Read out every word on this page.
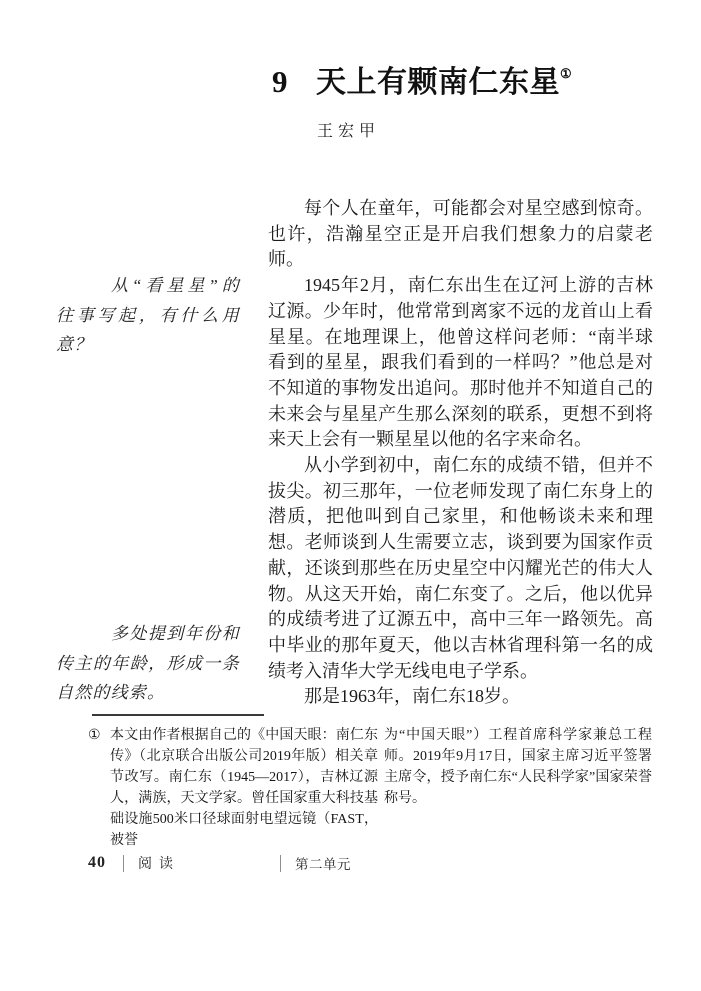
9 天上有颗南仁东星①
王宏甲
从“看星星”的往事写起，有什么用意？
多处提到年份和传主的年龄，形成一条自然的线索。

每个人在童年，可能都会对星空感到惊奇。也许，浩瀚星空正是开启我们想象力的启蒙老师。

1945年2月，南仁东出生在辽河上游的吉林辽源。少年时，他常常到离家不远的龙首山上看星星。在地理课上，他曾这样问老师：“南半球看到的星星，跟我们看到的一样吗？”他总是对不知道的事物发出追问。那时他并不知道自己的未来会与星星产生那么深刻的联系，更想不到将来天上会有一颗星星以他的名字来命名。

从小学到初中，南仁东的成绩不错，但并不拔尖。初三那年，一位老师发现了南仁东身上的潜质，把他叫到自己家里，和他畅谈未来和理想。老师谈到人生需要立志，谈到要为国家作贡献，还谈到那些在历史星空中闪耀光芒的伟大人物。从这天开始，南仁东变了。之后，他以优异的成绩考进了辽源五中，高中三年一路领先。高中毕业的那年夏天，他以吉林省理科第一名的成绩考入清华大学无线电电子学系。

那是1963年，南仁东18岁。

① 本文由作者根据自己的《中国天眼：南仁东传》（北京联合出版公司2019年版）相关章节改写。南仁东（1945—2017），吉林辽源人，满族，天文学家。曾任国家重大科技基础设施500米口径球面射电望远镜（FAST，被誉
为“中国天眼”）工程首席科学家兼总工程师。2019年9月17日，国家主席习近平签署主席令，授予南仁东“人民科学家”国家荣誉称号。
40 阅读	第二单元
